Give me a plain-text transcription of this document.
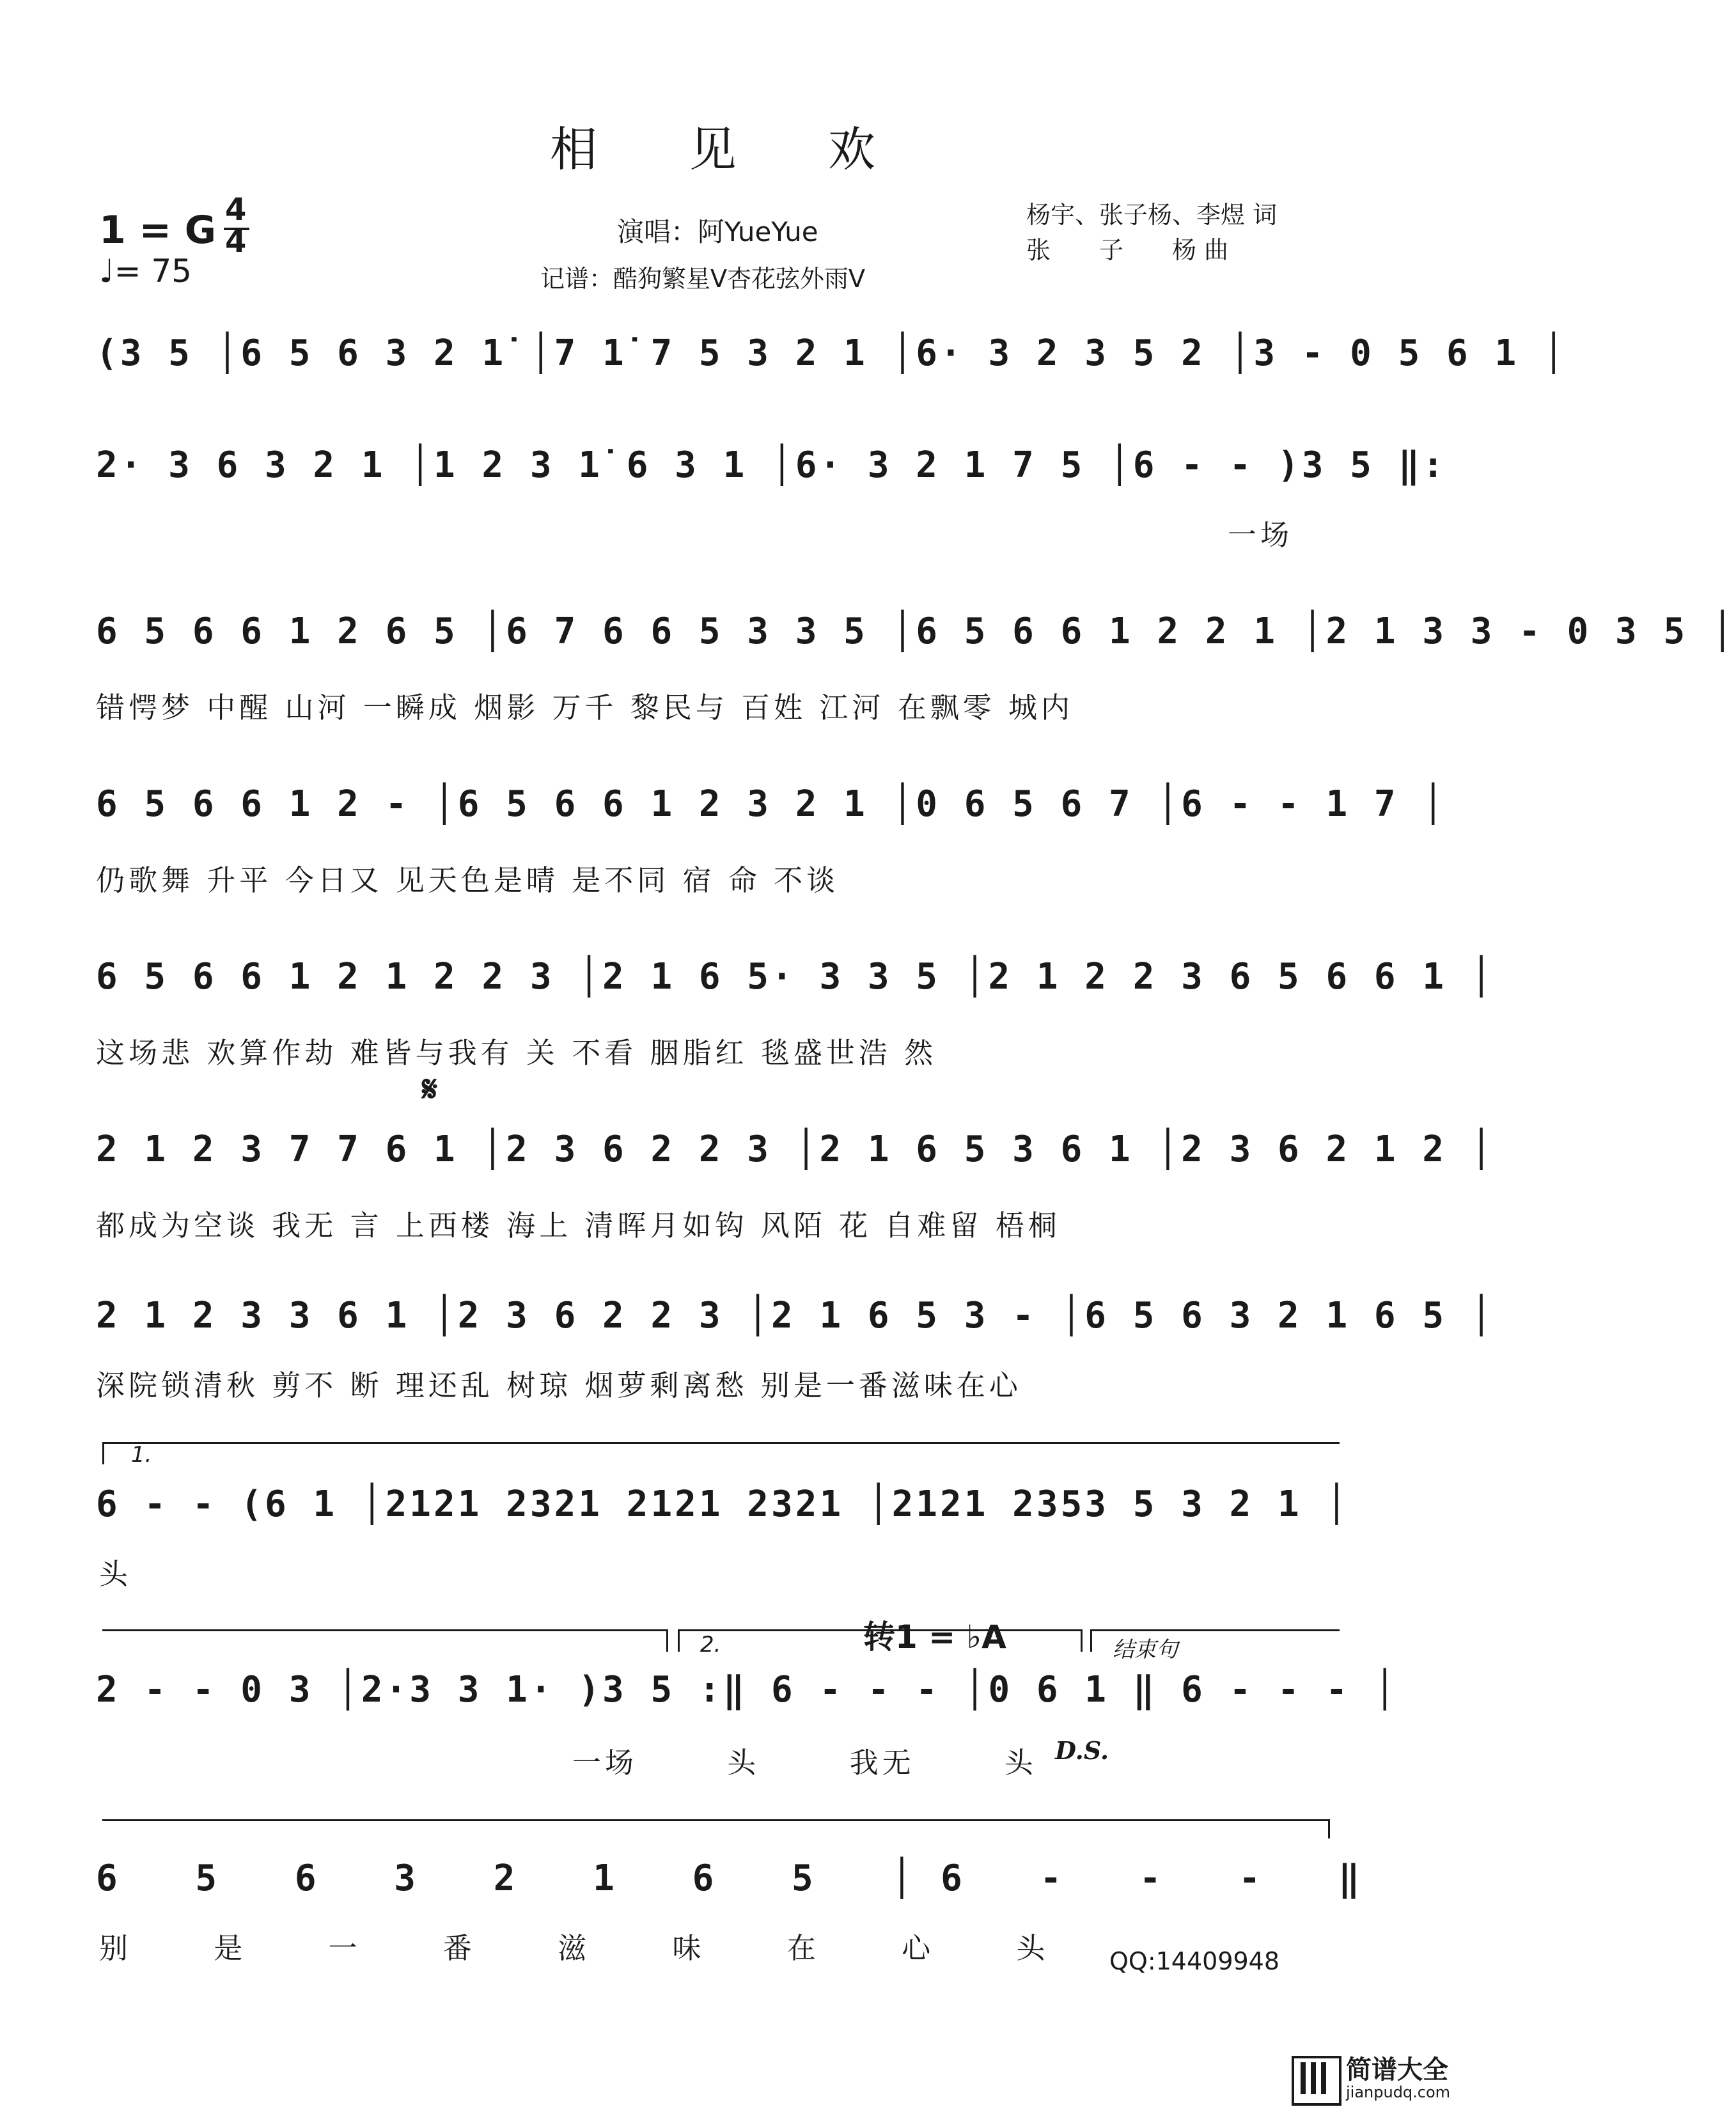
相 见 欢
1 = G 4
4
♩= 75
演唱：阿YueYue
记谱：酷狗繁星V杏花弦外雨V
杨宇、张子杨、李煜 词
张　　子　　杨 曲
(3 5 │6 5 6 3 2 1̇ │7 1̇ 7 5 3 2 1 │6· 3 2 3 5 2 │3 - 0 5 6 1 │
2· 3 6 3 2 1 │1 2 3 1̇ 6 3 1 │6· 3 2 1 7 5 │6 - - )3 5 ‖:
一场
6 5 6 6 1 2 6 5 │6 7 6 6 5 3 3 5 │6 5 6 6 1 2 2 1 │2 1 3 3 - 0 3 5 │
错愕梦 中醒 山河 一瞬成 烟影 万千 黎民与 百姓 江河 在飘零 城内
6 5 6 6 1 2 - │6 5 6 6 1 2 3 2 1 │0 6 5 6 7 │6 - - 1 7 │
仍歌舞 升平 今日又 见天色是晴 是不同 宿 命 不谈
6 5 6 6 1 2 1 2 2 3 │2 1 6 5· 3 3 5 │2 1 2 2 3 6 5 6 6 1 │
这场悲 欢算作劫 难皆与我有 关 不看 胭脂红 毯盛世浩 然
𝄋
2 1 2 3 7 7 6 1 │2 3 6 2 2 3 │2 1 6 5 3 6 1 │2 3 6 2 1 2 │
都成为空谈 我无 言 上西楼 海上 清晖月如钩 风陌 花 自难留 梧桐
2 1 2 3 3 6 1 │2 3 6 2 2 3 │2 1 6 5 3 - │6 5 6 3 2 1 6 5 │
深院锁清秋 剪不 断 理还乱 树琼 烟萝剩离愁 别是一番滋味在心
1.
6 - - (6 1 │2121 2321 2121 2321 │2121 2353 5 3 2 1 │
头
2.	转1 = ♭A	结束句
2 - - 0 3 │2·3 3 1· )3 5 :‖ 6 - - - │0 6 1 ‖ 6 - - - │
一场 头 我无 头 D.S.
6 5 6 3 2 1 6 5 │6 - - - ‖
别 是 一 番 滋 味 在 心 头 QQ:14409948
简谱大全
jianpudq.com
